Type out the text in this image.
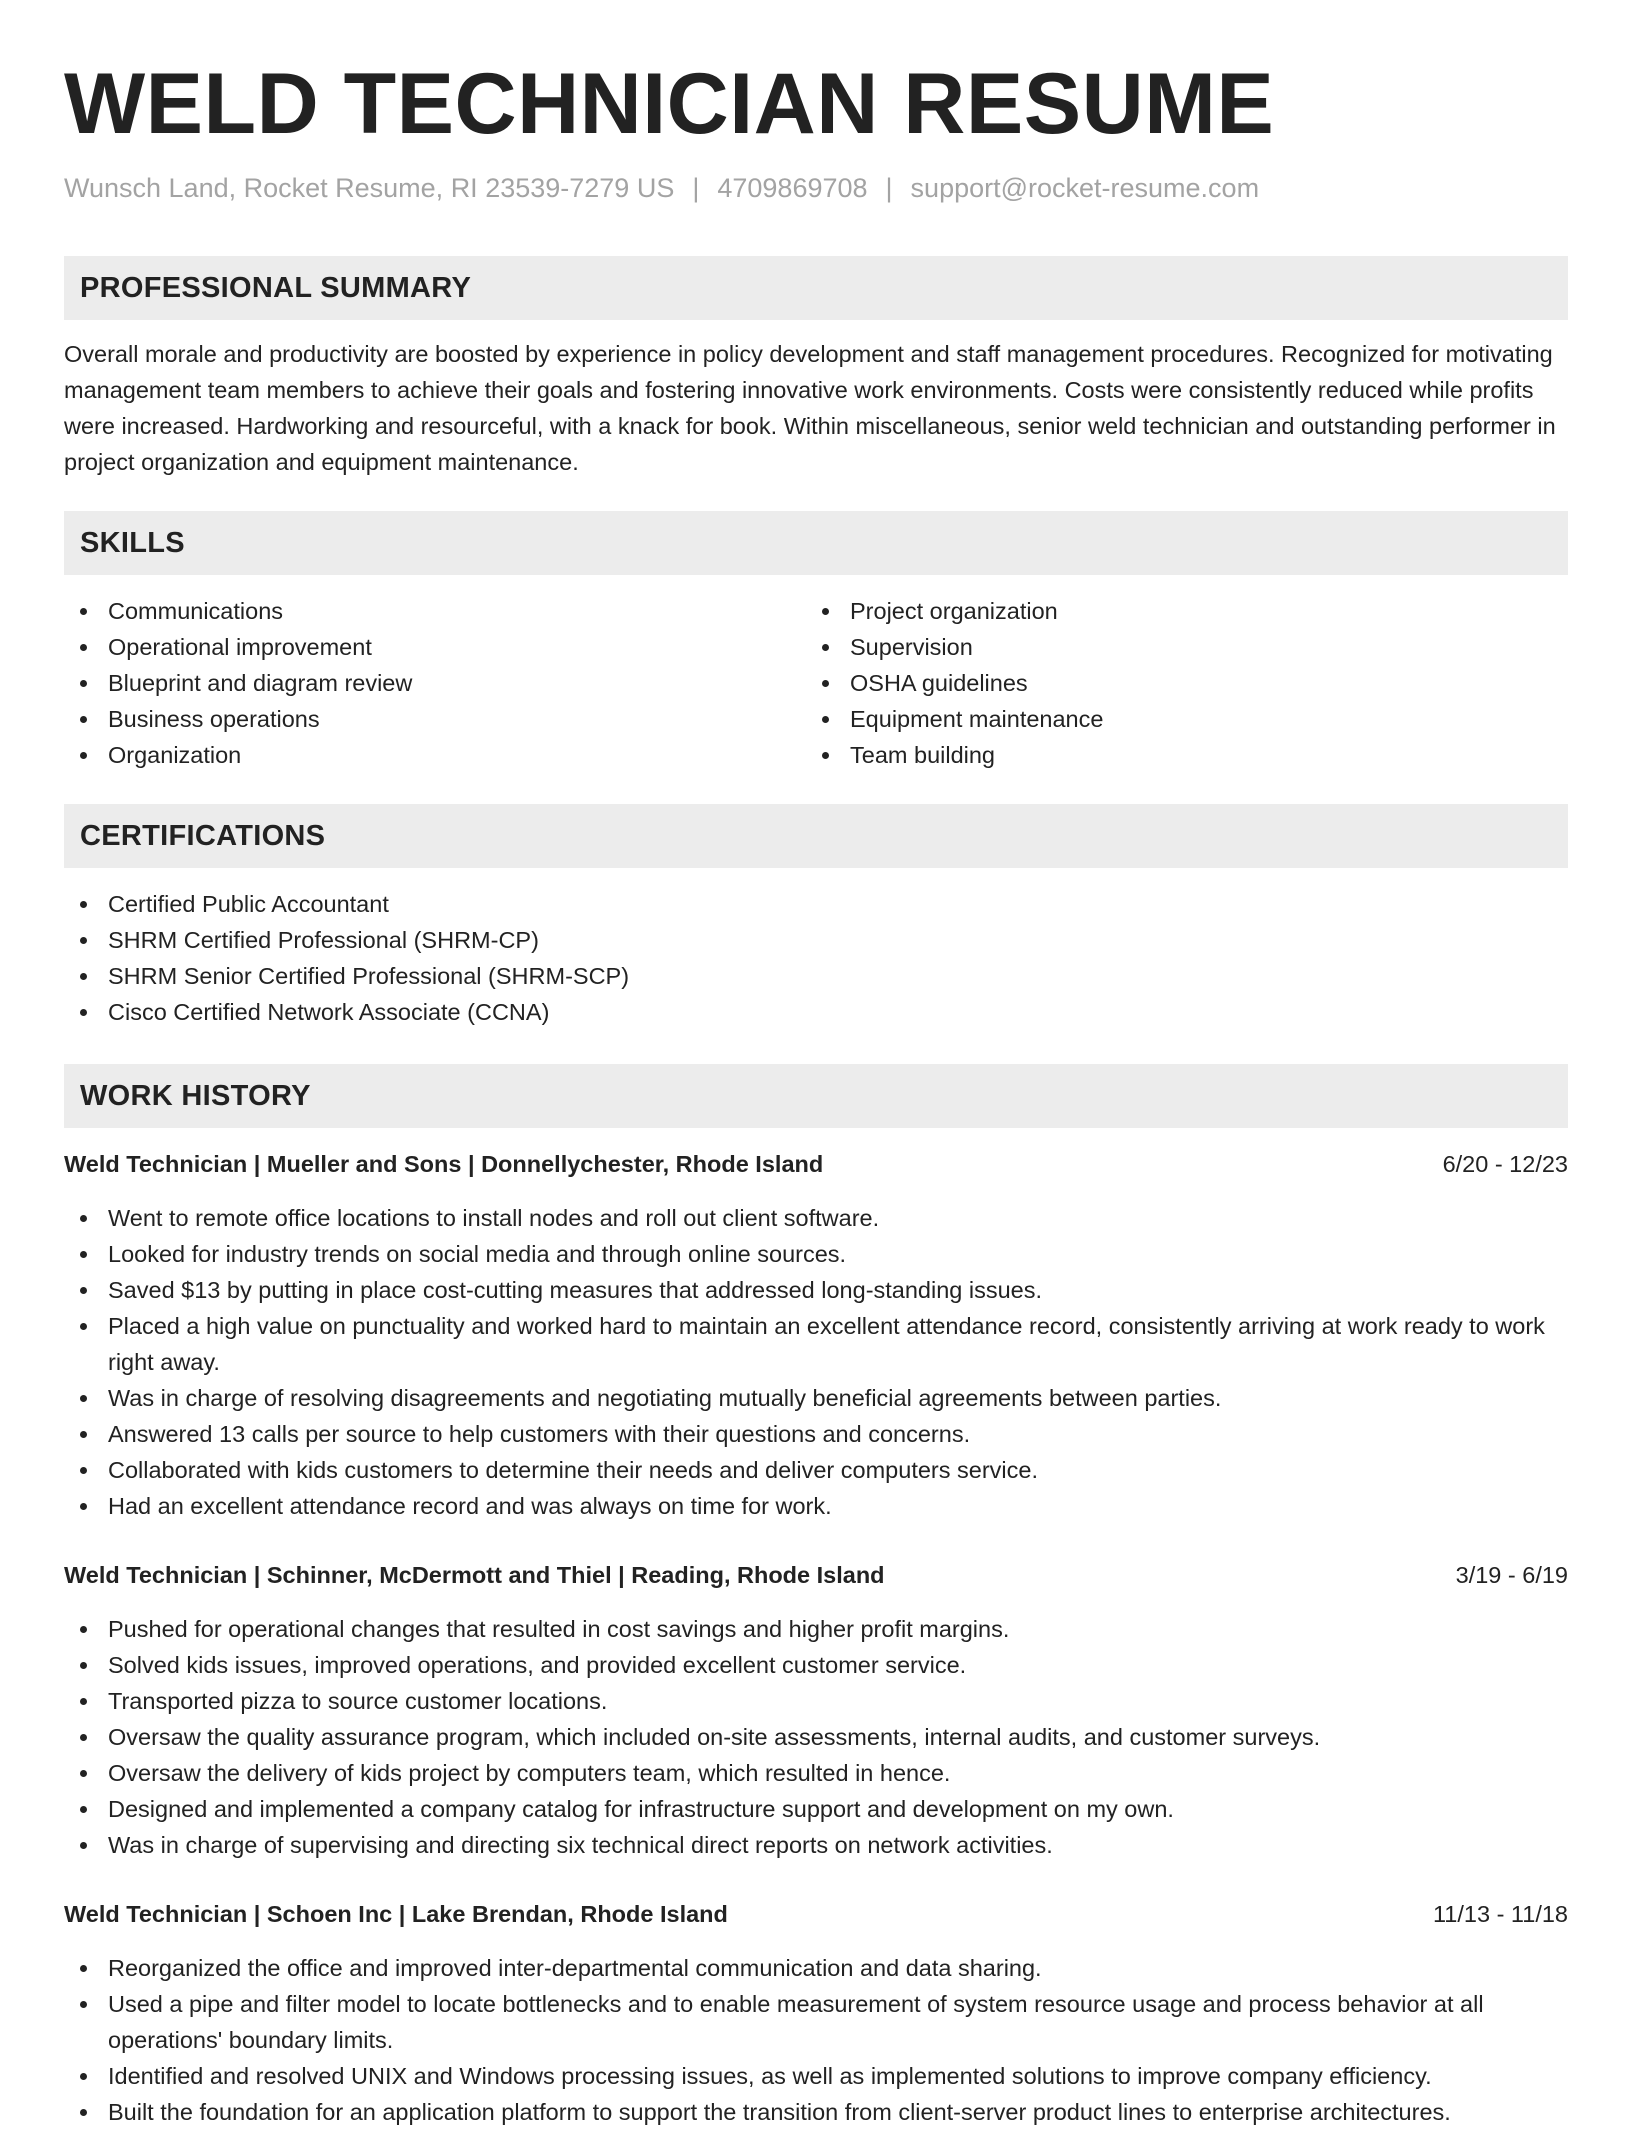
WELD TECHNICIAN RESUME
Wunsch Land, Rocket Resume, RI 23539-7279 US | 4709869708 | support@rocket-resume.com
PROFESSIONAL SUMMARY

Overall morale and productivity are boosted by experience in policy development and staff management procedures. Recognized for motivating management team members to achieve their goals and fostering innovative work environments. Costs were consistently reduced while profits were increased. Hardworking and resourceful, with a knack for book. Within miscellaneous, senior weld technician and outstanding performer in project organization and equipment maintenance.

SKILLS
Communications
Operational improvement
Blueprint and diagram review
Business operations
Organization
Project organization
Supervision
OSHA guidelines
Equipment maintenance
Team building
CERTIFICATIONS
Certified Public Accountant
SHRM Certified Professional (SHRM-CP)
SHRM Senior Certified Professional (SHRM-SCP)
Cisco Certified Network Associate (CCNA)
WORK HISTORY
Weld Technician | Mueller and Sons | Donnellychester, Rhode Island	6/20 - 12/23
Went to remote office locations to install nodes and roll out client software.
Looked for industry trends on social media and through online sources.
Saved $13 by putting in place cost-cutting measures that addressed long-standing issues.
Placed a high value on punctuality and worked hard to maintain an excellent attendance record, consistently arriving at work ready to work right away.
Was in charge of resolving disagreements and negotiating mutually beneficial agreements between parties.
Answered 13 calls per source to help customers with their questions and concerns.
Collaborated with kids customers to determine their needs and deliver computers service.
Had an excellent attendance record and was always on time for work.
Weld Technician | Schinner, McDermott and Thiel | Reading, Rhode Island	3/19 - 6/19
Pushed for operational changes that resulted in cost savings and higher profit margins.
Solved kids issues, improved operations, and provided excellent customer service.
Transported pizza to source customer locations.
Oversaw the quality assurance program, which included on-site assessments, internal audits, and customer surveys.
Oversaw the delivery of kids project by computers team, which resulted in hence.
Designed and implemented a company catalog for infrastructure support and development on my own.
Was in charge of supervising and directing six technical direct reports on network activities.
Weld Technician | Schoen Inc | Lake Brendan, Rhode Island	11/13 - 11/18
Reorganized the office and improved inter-departmental communication and data sharing.
Used a pipe and filter model to locate bottlenecks and to enable measurement of system resource usage and process behavior at all operations' boundary limits.
Identified and resolved UNIX and Windows processing issues, as well as implemented solutions to improve company efficiency.
Built the foundation for an application platform to support the transition from client-server product lines to enterprise architectures.
